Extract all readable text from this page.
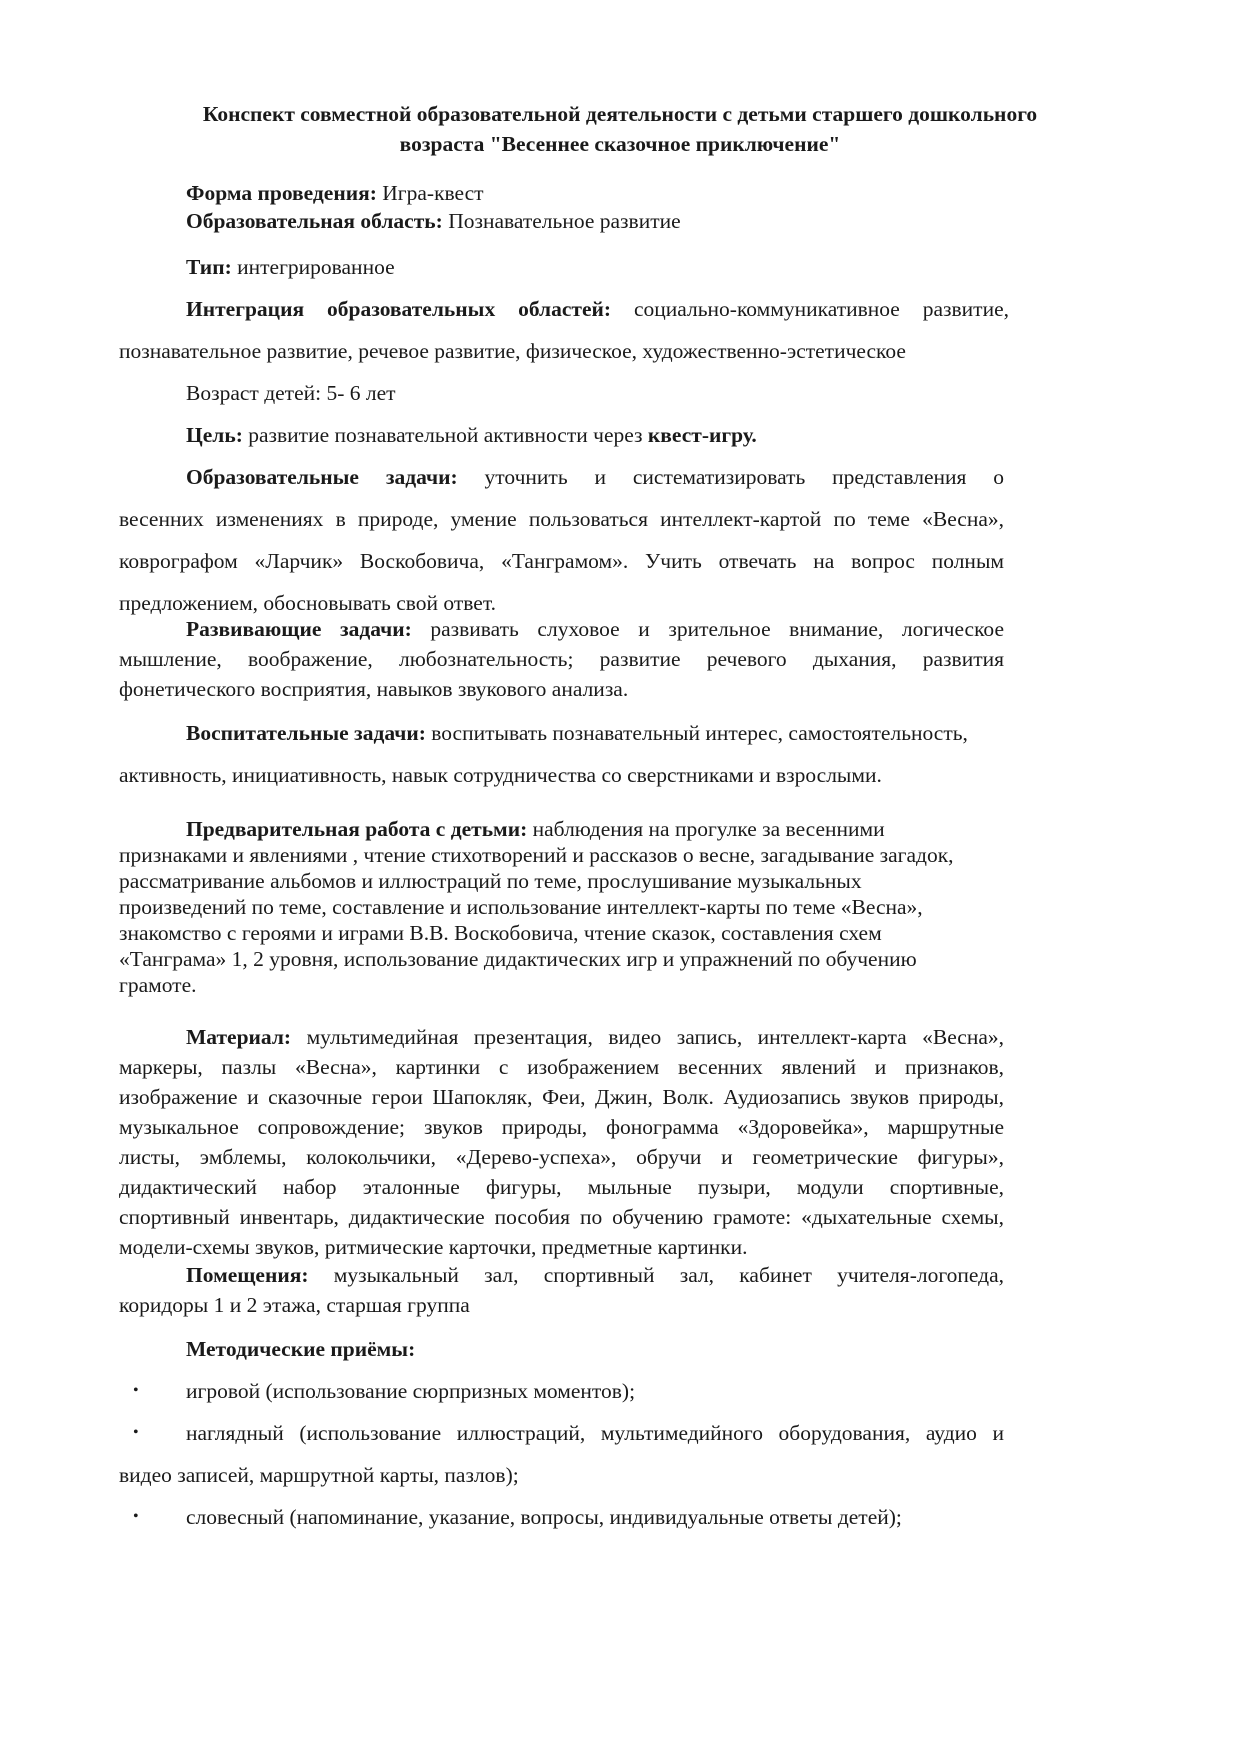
Конспект совместной образовательной деятельности с детьми старшего дошкольного
возраста "Весеннее сказочное приключение"
Форма проведения: Игра-квест
Образовательная область: Познавательное развитие
Тип: интегрированное
Интеграция образовательных областей: социально-коммуникативное развитие,
познавательное развитие, речевое развитие, физическое, художественно-эстетическое
Возраст детей: 5- 6 лет
Цель: развитие познавательной активности через квест-игру.
Образовательные задачи: уточнить и систематизировать представления о
весенних изменениях в природе, умение пользоваться интеллект-картой по теме «Весна»,
коврографом «Ларчик» Воскобовича, «Танграмом». Учить отвечать на вопрос полным
предложением, обосновывать свой ответ.
Развивающие задачи: развивать слуховое и зрительное внимание, логическое
мышление, воображение, любознательность; развитие речевого дыхания, развития
фонетического восприятия, навыков звукового анализа.
Воспитательные задачи: воспитывать познавательный интерес, самостоятельность,
активность, инициативность, навык сотрудничества со сверстниками и взрослыми.
Предварительная работа с детьми: наблюдения на прогулке за весенними
признаками и явлениями , чтение стихотворений и рассказов о весне, загадывание загадок,
рассматривание альбомов и иллюстраций по теме, прослушивание музыкальных
произведений по теме, составление и использование интеллект-карты по теме «Весна»,
знакомство с героями и играми В.В. Воскобовича, чтение сказок, составления схем
«Танграма» 1, 2 уровня, использование дидактических игр и упражнений по обучению
грамоте.
Материал: мультимедийная презентация, видео запись, интеллект-карта «Весна»,
маркеры, пазлы «Весна», картинки с изображением весенних явлений и признаков,
изображение и сказочные герои Шапокляк, Феи, Джин, Волк. Аудиозапись звуков природы,
музыкальное сопровождение; звуков природы, фонограмма «Здоровейка», маршрутные
листы, эмблемы, колокольчики, «Дерево-успеха», обручи и геометрические фигуры»,
дидактический набор эталонные фигуры, мыльные пузыри, модули спортивные,
спортивный инвентарь, дидактические пособия по обучению грамоте: «дыхательные схемы,
модели-схемы звуков, ритмические карточки, предметные картинки.
Помещения: музыкальный зал, спортивный зал, кабинет учителя-логопеда,
коридоры 1 и 2 этажа, старшая группа
Методические приёмы:
• игровой (использование сюрпризных моментов);
• наглядный (использование иллюстраций, мультимедийного оборудования, аудио и
видео записей, маршрутной карты, пазлов);
• словесный (напоминание, указание, вопросы, индивидуальные ответы детей);
